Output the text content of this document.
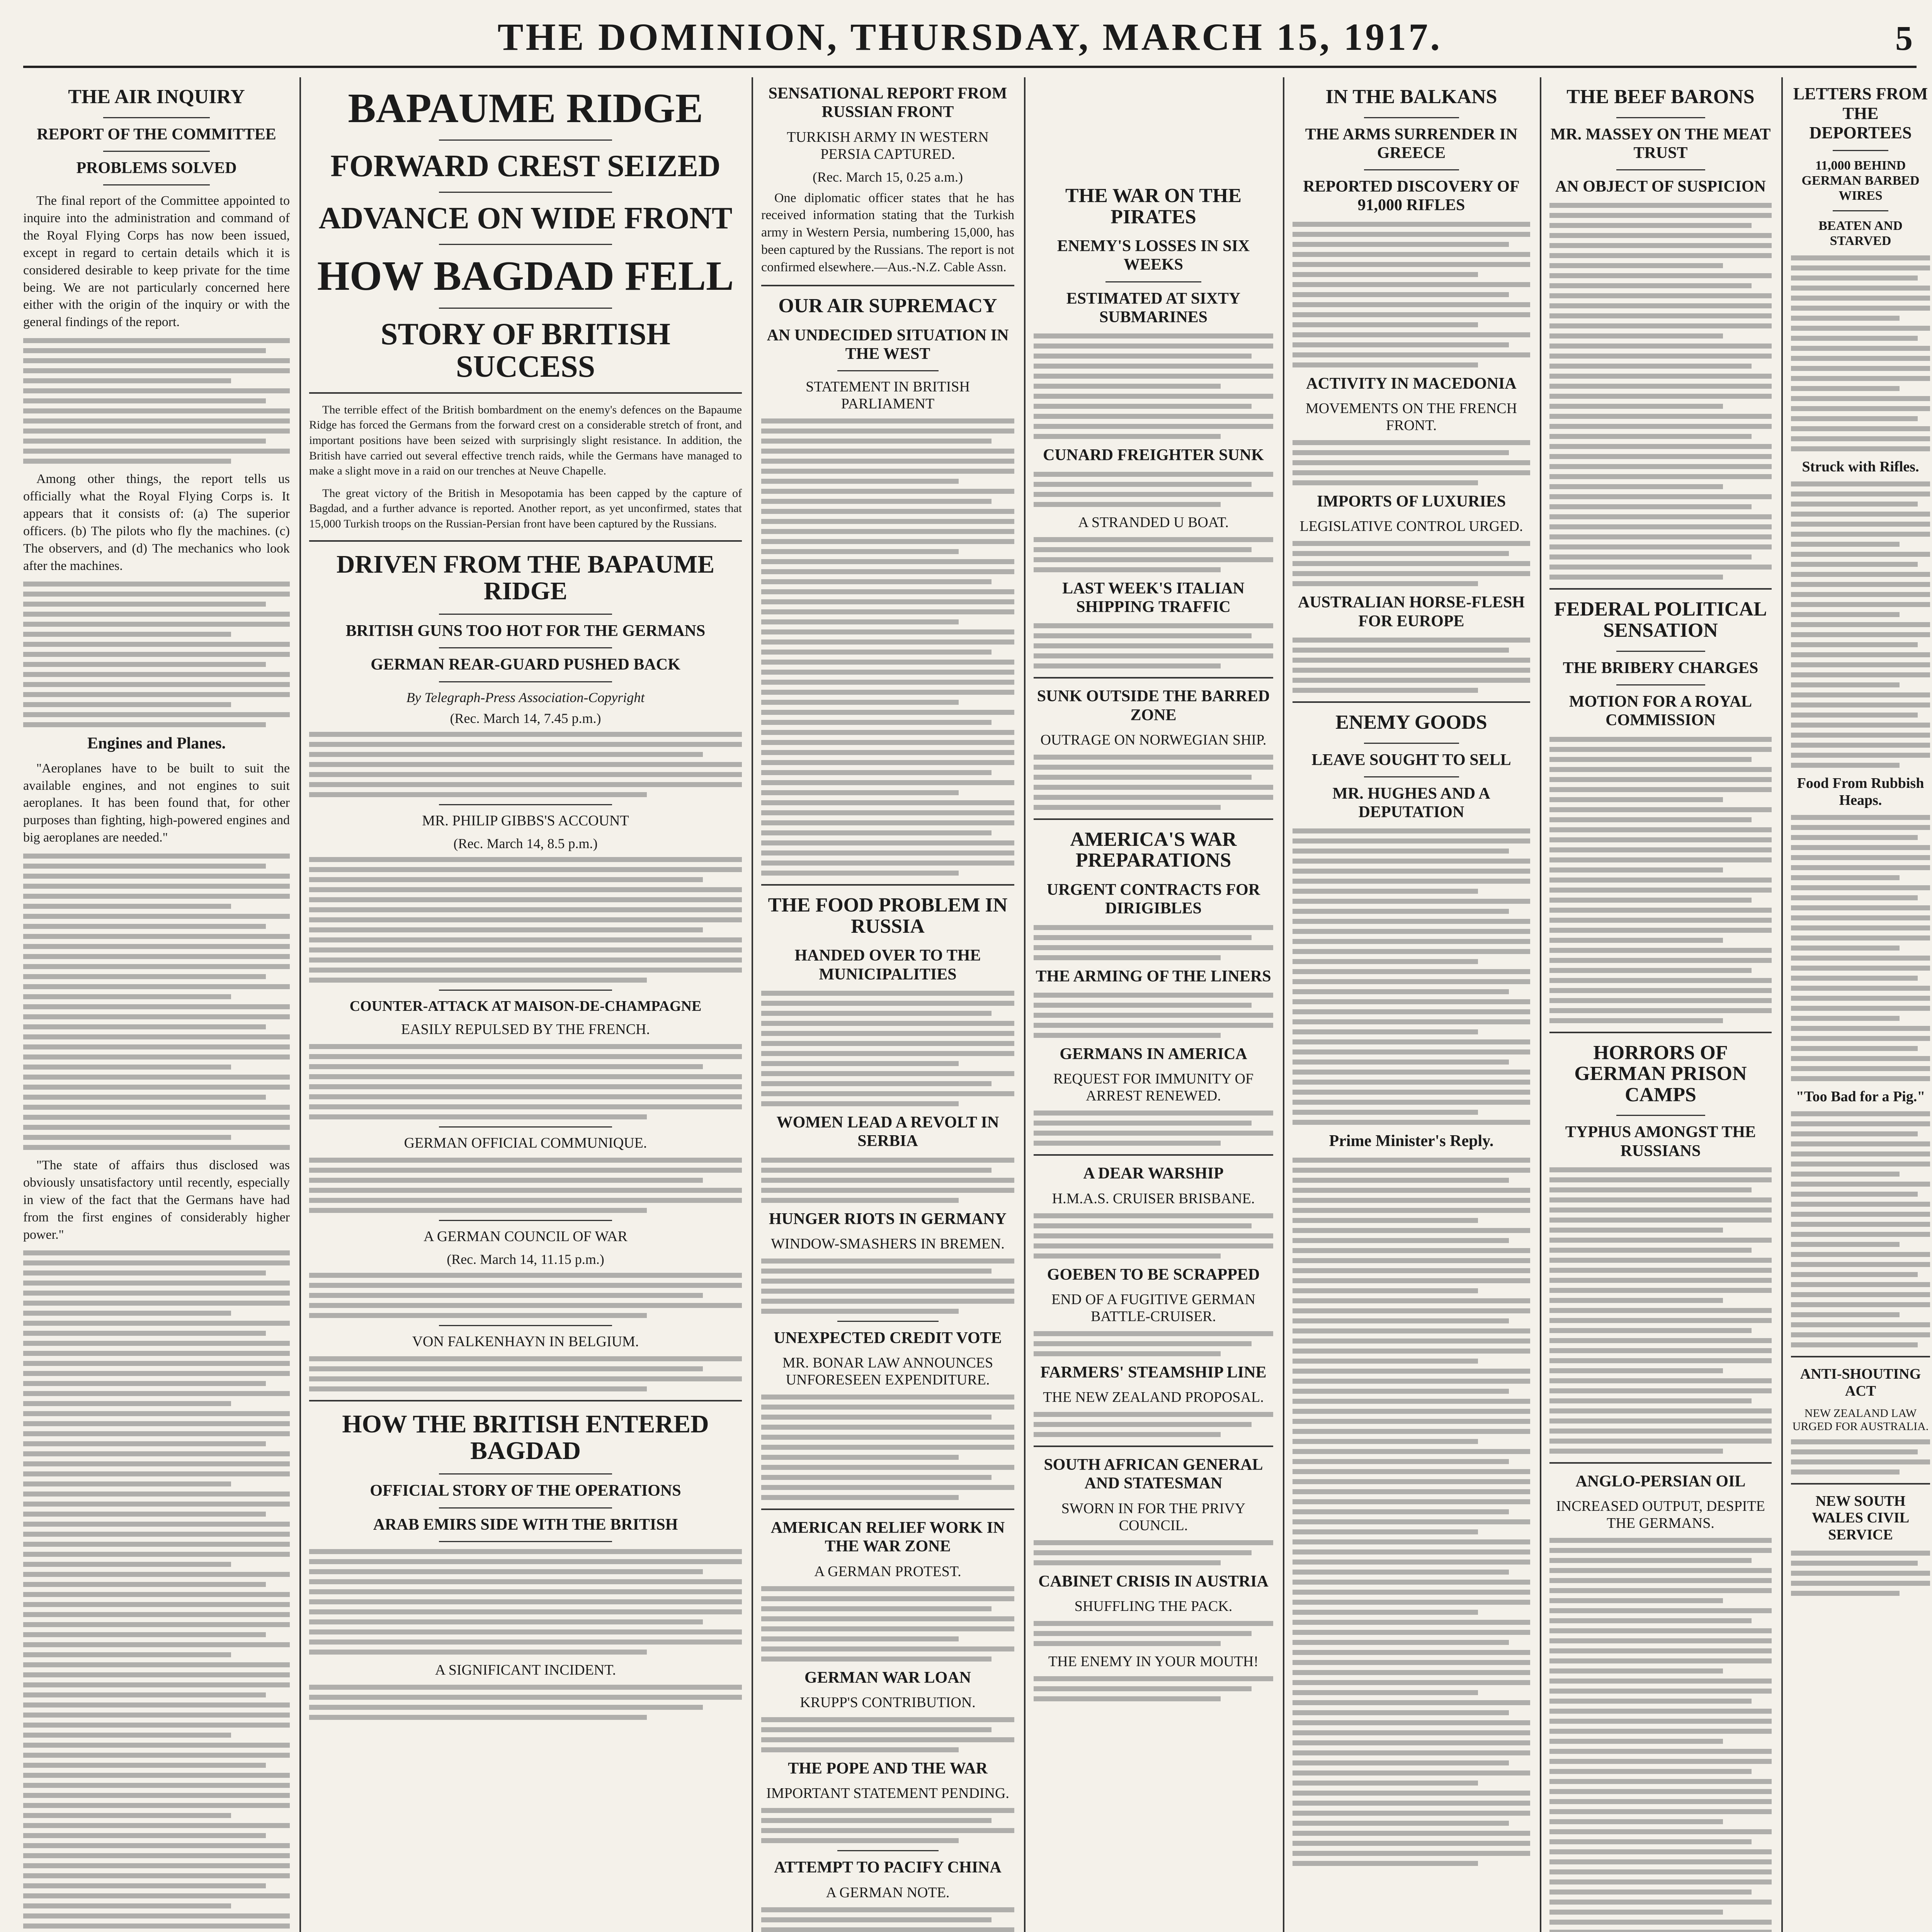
THE DOMINION, THURSDAY, MARCH 15, 1917.	5
THE AIR INQUIRY
REPORT OF THE COMMITTEE
PROBLEMS SOLVED

The final report of the Committee appointed to inquire into the administration and command of the Royal Flying Corps has now been issued, except in regard to certain details which it is considered desirable to keep private for the time being. We are not particularly concerned here either with the origin of the inquiry or with the general findings of the report.

Among other things, the report tells us officially what the Royal Flying Corps is. It appears that it consists of: (a) The superior officers. (b) The pilots who fly the machines. (c) The observers, and (d) The mechanics who look after the machines.

Engines and Planes.

"Aeroplanes have to be built to suit the available engines, and not engines to suit aeroplanes. It has been found that, for other purposes than fighting, high-powered engines and big aeroplanes are needed."

"The state of affairs thus disclosed was obviously unsatisfactory until recently, especially in view of the fact that the Germans have had from the first engines of considerably higher power."

BAPAUME RIDGE
FORWARD CREST SEIZED
ADVANCE ON WIDE FRONT
HOW BAGDAD FELL
STORY OF BRITISH SUCCESS

The terrible effect of the British bombardment on the enemy's defences on the Bapaume Ridge has forced the Germans from the forward crest on a considerable stretch of front, and important positions have been seized with surprisingly slight resistance. In addition, the British have carried out several effective trench raids, while the Germans have managed to make a slight move in a raid on our trenches at Neuve Chapelle.

The great victory of the British in Mesopotamia has been capped by the capture of Bagdad, and a further advance is reported. Another report, as yet unconfirmed, states that 15,000 Turkish troops on the Russian-Persian front have been captured by the Russians.

DRIVEN FROM THE BAPAUME RIDGE
BRITISH GUNS TOO HOT FOR THE GERMANS
GERMAN REAR-GUARD PUSHED BACK
By Telegraph-Press Association-Copyright
(Rec. March 14, 7.45 p.m.)
MR. PHILIP GIBBS'S ACCOUNT
(Rec. March 14, 8.5 p.m.)
COUNTER-ATTACK AT MAISON-DE-CHAMPAGNE
EASILY REPULSED BY THE FRENCH.
GERMAN OFFICIAL COMMUNIQUE.
A GERMAN COUNCIL OF WAR
(Rec. March 14, 11.15 p.m.)
VON FALKENHAYN IN BELGIUM.
HOW THE BRITISH ENTERED BAGDAD
OFFICIAL STORY OF THE OPERATIONS
ARAB EMIRS SIDE WITH THE BRITISH
A SIGNIFICANT INCIDENT.
SENSATIONAL REPORT FROM RUSSIAN FRONT
TURKISH ARMY IN WESTERN PERSIA CAPTURED.
(Rec. March 15, 0.25 a.m.)

One diplomatic officer states that he has received information stating that the Turkish army in Western Persia, numbering 15,000, has been captured by the Russians. The report is not confirmed elsewhere.—Aus.-N.Z. Cable Assn.

OUR AIR SUPREMACY
AN UNDECIDED SITUATION IN THE WEST
STATEMENT IN BRITISH PARLIAMENT
THE FOOD PROBLEM IN RUSSIA
HANDED OVER TO THE MUNICIPALITIES
WOMEN LEAD A REVOLT IN SERBIA
HUNGER RIOTS IN GERMANY
WINDOW-SMASHERS IN BREMEN.
UNEXPECTED CREDIT VOTE
MR. BONAR LAW ANNOUNCES UNFORESEEN EXPENDITURE.
AMERICAN RELIEF WORK IN THE WAR ZONE
A GERMAN PROTEST.
GERMAN WAR LOAN
KRUPP'S CONTRIBUTION.
THE POPE AND THE WAR
IMPORTANT STATEMENT PENDING.
ATTEMPT TO PACIFY CHINA
A GERMAN NOTE.
THE WAR ON THE PIRATES
ENEMY'S LOSSES IN SIX WEEKS
ESTIMATED AT SIXTY SUBMARINES
CUNARD FREIGHTER SUNK
A STRANDED U BOAT.
LAST WEEK'S ITALIAN SHIPPING TRAFFIC
SUNK OUTSIDE THE BARRED ZONE
OUTRAGE ON NORWEGIAN SHIP.
AMERICA'S WAR PREPARATIONS
URGENT CONTRACTS FOR DIRIGIBLES
THE ARMING OF THE LINERS
GERMANS IN AMERICA
REQUEST FOR IMMUNITY OF ARREST RENEWED.
A DEAR WARSHIP
H.M.A.S. CRUISER BRISBANE.
GOEBEN TO BE SCRAPPED
END OF A FUGITIVE GERMAN BATTLE-CRUISER.
FARMERS' STEAMSHIP LINE
THE NEW ZEALAND PROPOSAL.
SOUTH AFRICAN GENERAL AND STATESMAN
SWORN IN FOR THE PRIVY COUNCIL.
CABINET CRISIS IN AUSTRIA
SHUFFLING THE PACK.
THE ENEMY IN YOUR MOUTH!
IN THE BALKANS
THE ARMS SURRENDER IN GREECE
REPORTED DISCOVERY OF 91,000 RIFLES
ACTIVITY IN MACEDONIA
MOVEMENTS ON THE FRENCH FRONT.
IMPORTS OF LUXURIES
LEGISLATIVE CONTROL URGED.
AUSTRALIAN HORSE-FLESH FOR EUROPE
ENEMY GOODS
LEAVE SOUGHT TO SELL
MR. HUGHES AND A DEPUTATION
Prime Minister's Reply.
THE BEEF BARONS
MR. MASSEY ON THE MEAT TRUST
AN OBJECT OF SUSPICION
FEDERAL POLITICAL SENSATION
THE BRIBERY CHARGES
MOTION FOR A ROYAL COMMISSION
HORRORS OF GERMAN PRISON CAMPS
TYPHUS AMONGST THE RUSSIANS
ANGLO-PERSIAN OIL
INCREASED OUTPUT, DESPITE THE GERMANS.
LETTERS FROM THE DEPORTEES
11,000 BEHIND GERMAN BARBED WIRES
BEATEN AND STARVED
Struck with Rifles.
Food From Rubbish Heaps.
"Too Bad for a Pig."
ANTI-SHOUTING ACT
NEW ZEALAND LAW URGED FOR AUSTRALIA.
NEW SOUTH WALES CIVIL SERVICE
